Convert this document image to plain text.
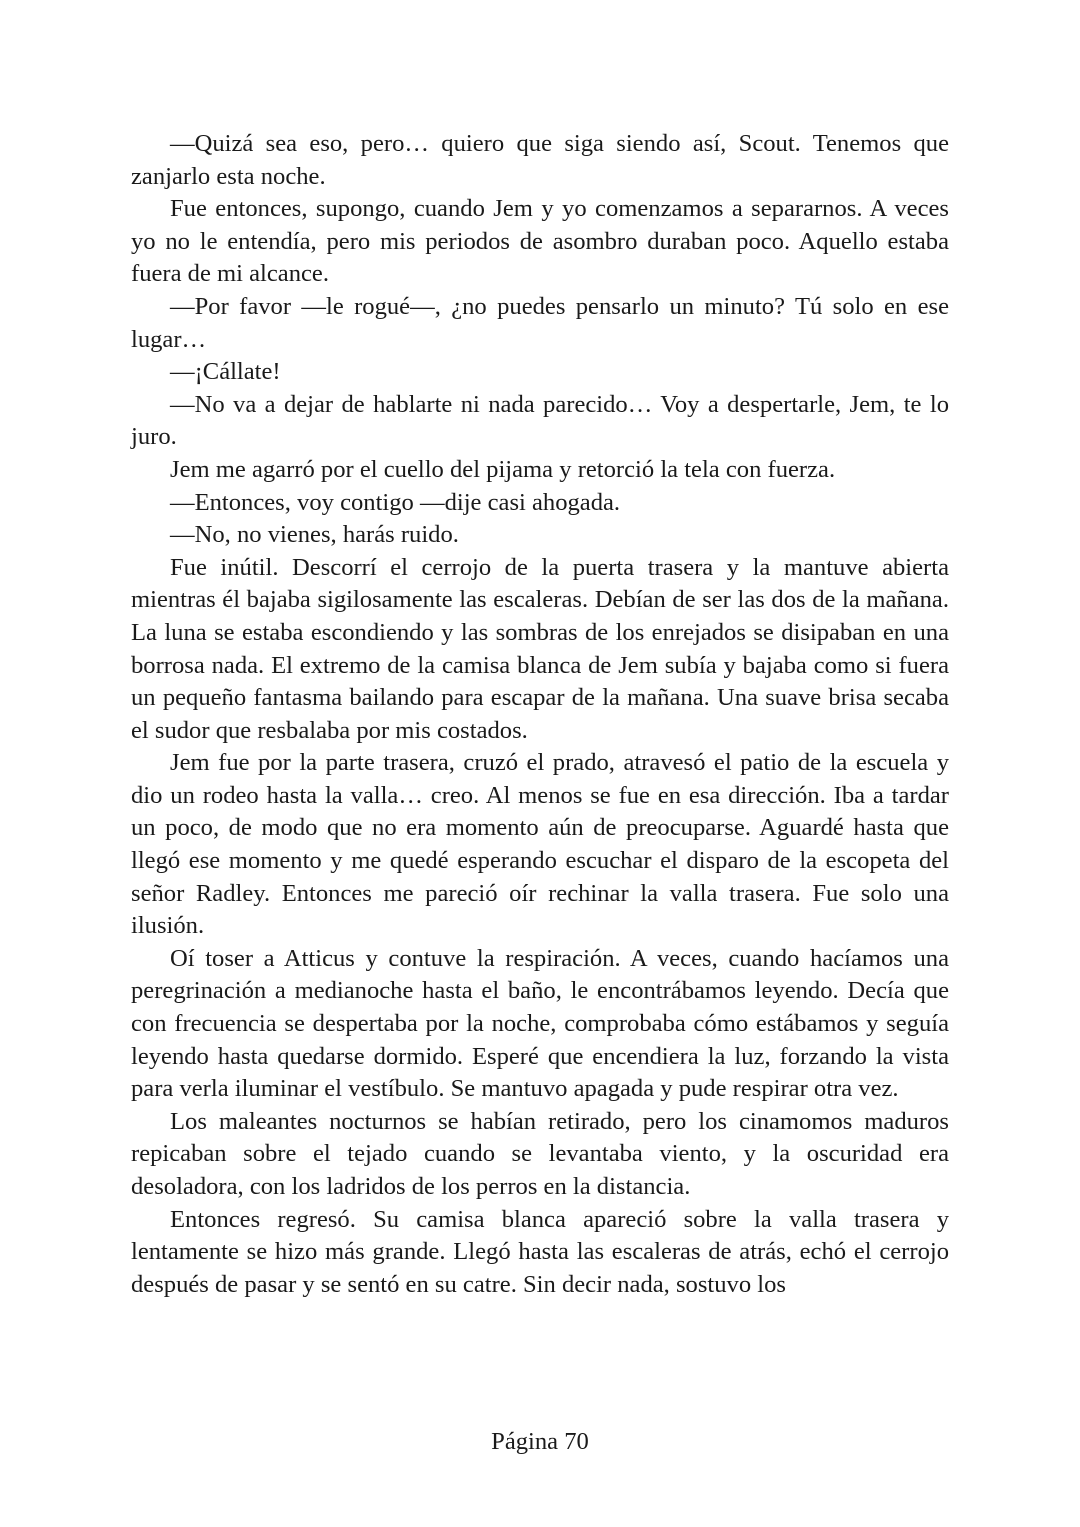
—Quizá sea eso, pero… quiero que siga siendo así, Scout. Tenemos que zanjarlo esta noche.

Fue entonces, supongo, cuando Jem y yo comenzamos a separarnos. A veces yo no le entendía, pero mis periodos de asombro duraban poco. Aquello estaba fuera de mi alcance.

—Por favor —le rogué—, ¿no puedes pensarlo un minuto? Tú solo en ese lugar…

—¡Cállate!

—No va a dejar de hablarte ni nada parecido… Voy a despertarle, Jem, te lo juro.

Jem me agarró por el cuello del pijama y retorció la tela con fuerza.

—Entonces, voy contigo —dije casi ahogada.

—No, no vienes, harás ruido.

Fue inútil. Descorrí el cerrojo de la puerta trasera y la mantuve abierta mientras él bajaba sigilosamente las escaleras. Debían de ser las dos de la mañana. La luna se estaba escondiendo y las sombras de los enrejados se disipaban en una borrosa nada. El extremo de la camisa blanca de Jem subía y bajaba como si fuera un pequeño fantasma bailando para escapar de la mañana. Una suave brisa secaba el sudor que resbalaba por mis costados.

Jem fue por la parte trasera, cruzó el prado, atravesó el patio de la escuela y dio un rodeo hasta la valla… creo. Al menos se fue en esa dirección. Iba a tardar un poco, de modo que no era momento aún de preocuparse. Aguardé hasta que llegó ese momento y me quedé esperando escuchar el disparo de la escopeta del señor Radley. Entonces me pareció oír rechinar la valla trasera. Fue solo una ilusión.

Oí toser a Atticus y contuve la respiración. A veces, cuando hacíamos una peregrinación a medianoche hasta el baño, le encontrábamos leyendo. Decía que con frecuencia se despertaba por la noche, comprobaba cómo estábamos y seguía leyendo hasta quedarse dormido. Esperé que encendiera la luz, forzando la vista para verla iluminar el vestíbulo. Se mantuvo apagada y pude respirar otra vez.

Los maleantes nocturnos se habían retirado, pero los cinamomos maduros repicaban sobre el tejado cuando se levantaba viento, y la oscuridad era desoladora, con los ladridos de los perros en la distancia.

Entonces regresó. Su camisa blanca apareció sobre la valla trasera y lentamente se hizo más grande. Llegó hasta las escaleras de atrás, echó el cerrojo después de pasar y se sentó en su catre. Sin decir nada, sostuvo los

Página 70
